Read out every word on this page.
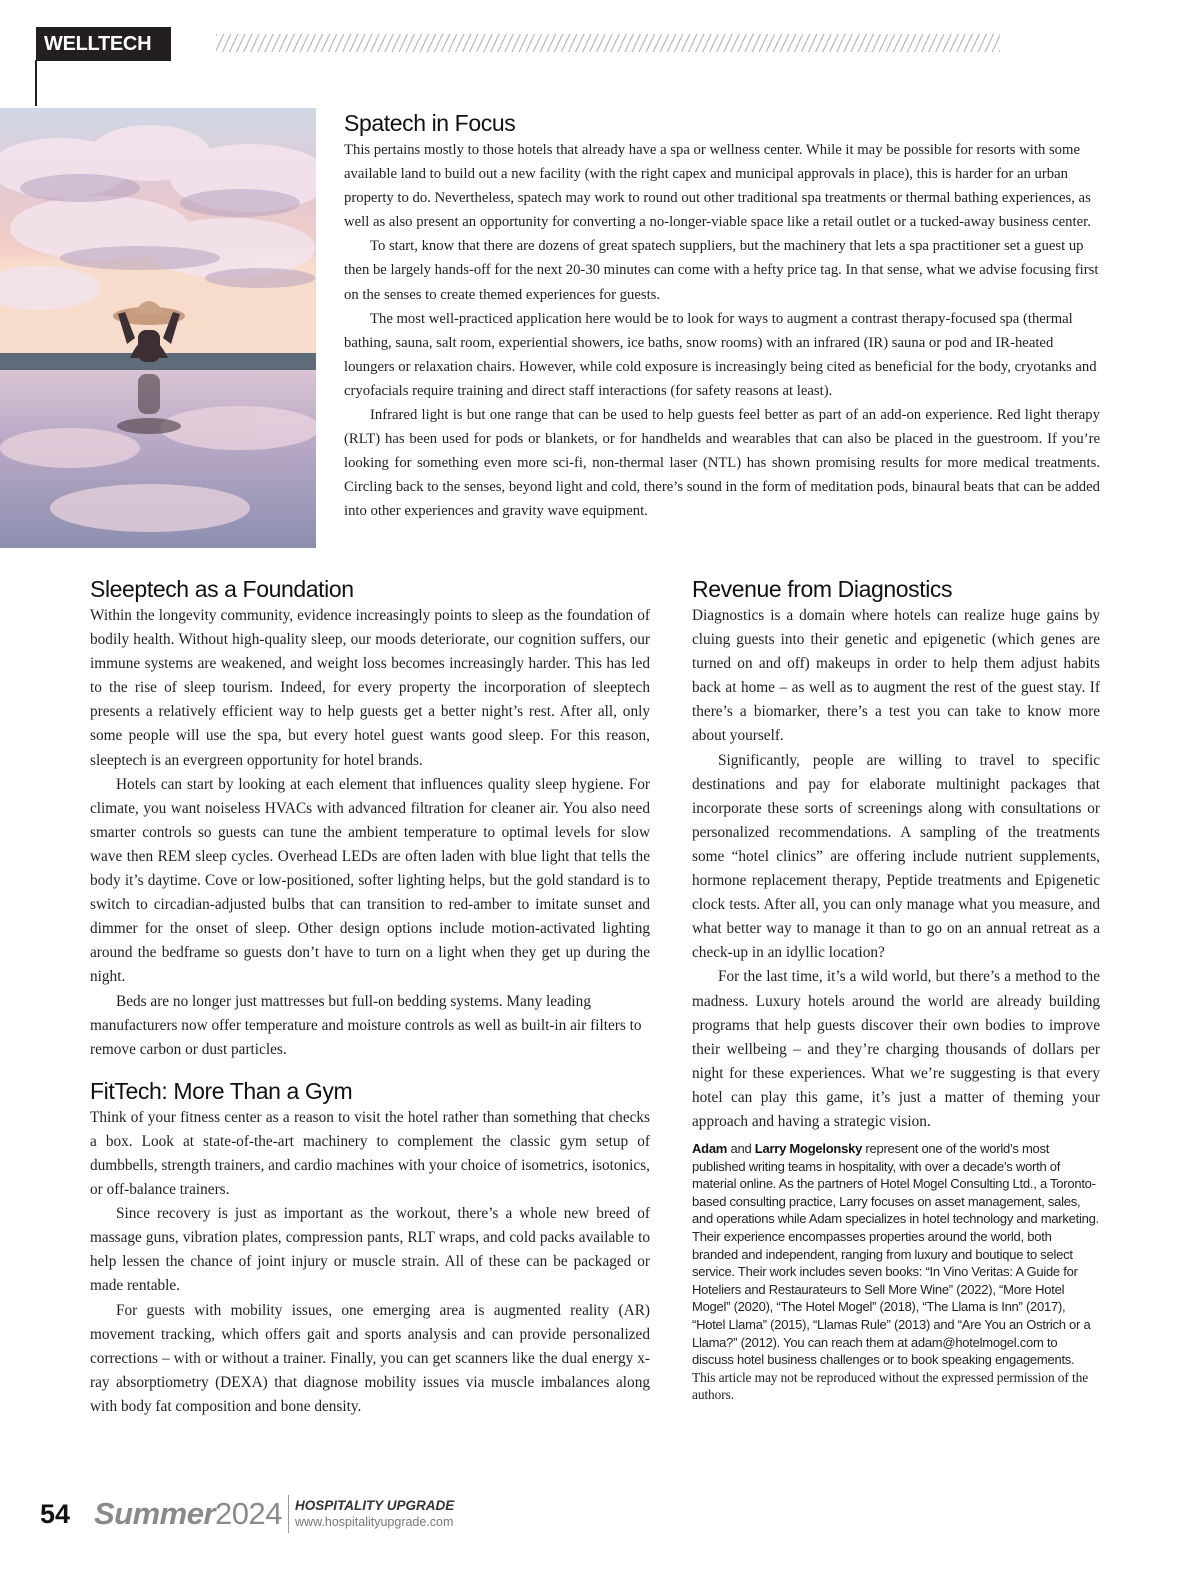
WELLTECH
Spatech in Focus

This pertains mostly to those hotels that already have a spa or wellness center. While it may be possible for resorts with some available land to build out a new facility (with the right capex and municipal approvals in place), this is harder for an urban property to do. Nevertheless, spatech may work to round out other traditional spa treatments or thermal bathing experiences, as well as also present an opportunity for converting a no-longer-viable space like a retail outlet or a tucked-away business center.

To start, know that there are dozens of great spatech suppliers, but the machinery that lets a spa practitioner set a guest up then be largely hands-off for the next 20-30 minutes can come with a hefty price tag. In that sense, what we advise focusing first on the senses to create themed experiences for guests.

The most well-practiced application here would be to look for ways to augment a contrast therapy-focused spa (thermal bathing, sauna, salt room, experiential showers, ice baths, snow rooms) with an infrared (IR) sauna or pod and IR-heated loungers or relaxation chairs. However, while cold exposure is increasingly being cited as beneficial for the body, cryotanks and cryofacials require training and direct staff interactions (for safety reasons at least).

Infrared light is but one range that can be used to help guests feel better as part of an add-on experience. Red light therapy (RLT) has been used for pods or blankets, or for handhelds and wearables that can also be placed in the guestroom. If you’re looking for something even more sci-fi, non-thermal laser (NTL) has shown promising results for more medical treatments. Circling back to the senses, beyond light and cold, there’s sound in the form of meditation pods, binaural beats that can be added into other experiences and gravity wave equipment.

Sleeptech as a Foundation

Within the longevity community, evidence increasingly points to sleep as the foundation of bodily health. Without high-quality sleep, our moods deteriorate, our cognition suffers, our immune systems are weakened, and weight loss becomes increasingly harder. This has led to the rise of sleep tourism. Indeed, for every property the incorporation of sleeptech presents a relatively efficient way to help guests get a better night’s rest. After all, only some people will use the spa, but every hotel guest wants good sleep. For this reason, sleeptech is an evergreen opportunity for hotel brands.

Hotels can start by looking at each element that influences quality sleep hygiene. For climate, you want noiseless HVACs with advanced filtration for cleaner air. You also need smarter controls so guests can tune the ambient temperature to optimal levels for slow wave then REM sleep cycles. Overhead LEDs are often laden with blue light that tells the body it’s daytime. Cove or low-positioned, softer lighting helps, but the gold standard is to switch to circadian-adjusted bulbs that can transition to red-amber to imitate sunset and dimmer for the onset of sleep. Other design options include motion-activated lighting around the bedframe so guests don’t have to turn on a light when they get up during the night.

Beds are no longer just mattresses but full-on bedding systems. Many leading manufacturers now offer temperature and moisture controls as well as built-in air filters to remove carbon or dust particles.

FitTech: More Than a Gym

Think of your fitness center as a reason to visit the hotel rather than something that checks a box. Look at state-of-the-art machinery to complement the classic gym setup of dumbbells, strength trainers, and cardio machines with your choice of isometrics, isotonics, or off-balance trainers.

Since recovery is just as important as the workout, there’s a whole new breed of massage guns, vibration plates, compression pants, RLT wraps, and cold packs available to help lessen the chance of joint injury or muscle strain. All of these can be packaged or made rentable.

For guests with mobility issues, one emerging area is augmented reality (AR) movement tracking, which offers gait and sports analysis and can provide personalized corrections – with or without a trainer. Finally, you can get scanners like the dual energy x-ray absorptiometry (DEXA) that diagnose mobility issues via muscle imbalances along with body fat composition and bone density.

Revenue from Diagnostics

Diagnostics is a domain where hotels can realize huge gains by cluing guests into their genetic and epigenetic (which genes are turned on and off) makeups in order to help them adjust habits back at home – as well as to augment the rest of the guest stay. If there’s a biomarker, there’s a test you can take to know more about yourself.

Significantly, people are willing to travel to specific destinations and pay for elaborate multinight packages that incorporate these sorts of screenings along with consultations or personalized recommendations. A sampling of the treatments some “hotel clinics” are offering include nutrient supplements, hormone replacement therapy, Peptide treatments and Epigenetic clock tests. After all, you can only manage what you measure, and what better way to manage it than to go on an annual retreat as a check-up in an idyllic location?

For the last time, it’s a wild world, but there’s a method to the madness. Luxury hotels around the world are already building programs that help guests discover their own bodies to improve their wellbeing – and they’re charging thousands of dollars per night for these experiences. What we’re suggesting is that every hotel can play this game, it’s just a matter of theming your approach and having a strategic vision.

Adam and Larry Mogelonsky represent one of the world’s most published writing teams in hospitality, with over a decade’s worth of material online. As the partners of Hotel Mogel Consulting Ltd., a Toronto-based consulting practice, Larry focuses on asset management, sales, and operations while Adam specializes in hotel technology and marketing. Their experience encompasses properties around the world, both branded and independent, ranging from luxury and boutique to select service. Their work includes seven books: “In Vino Veritas: A Guide for Hoteliers and Restaurateurs to Sell More Wine” (2022), “More Hotel Mogel” (2020), “The Hotel Mogel” (2018), “The Llama is Inn” (2017), “Hotel Llama” (2015), “Llamas Rule” (2013) and “Are You an Ostrich or a Llama?” (2012). You can reach them at adam@hotelmogel.com to discuss hotel business challenges or to book speaking engagements. This article may not be reproduced without the expressed permission of the authors.
54 Summer2024 HOSPITALITY UPGRADE
www.hospitalityupgrade.com
